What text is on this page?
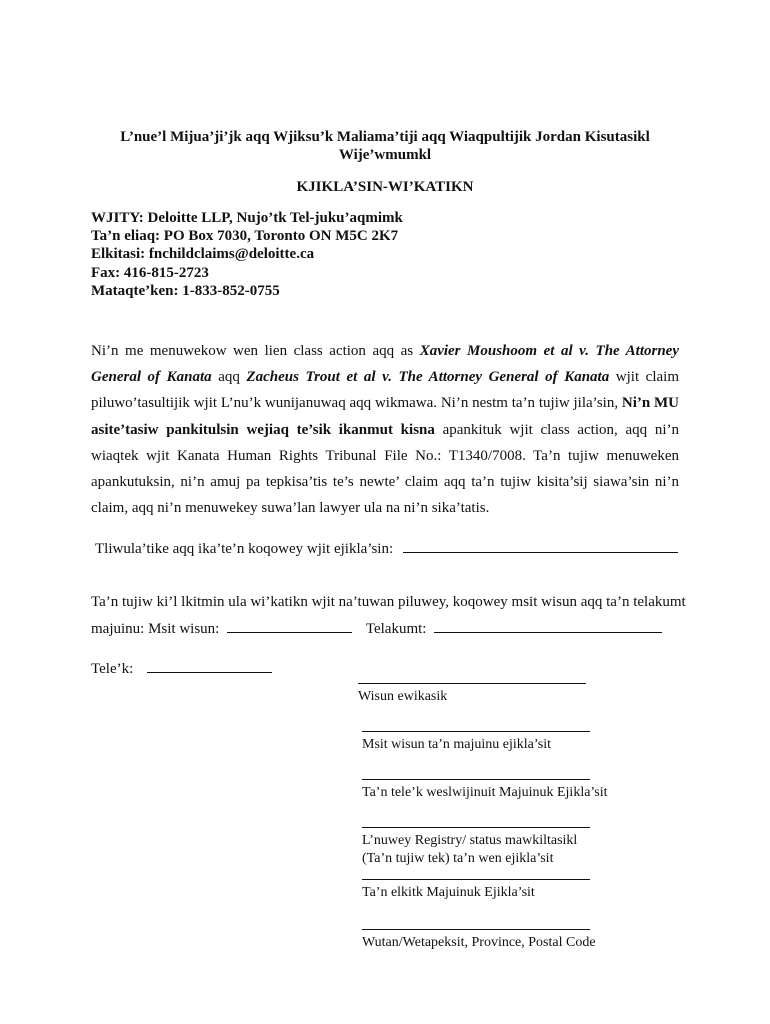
L’nue’l Mijua’ji’jk aqq Wjiksu’k Maliama’tiji aqq Wiaqpultijik Jordan Kisutasikl
Wije’wmumkl
KJIKLA’SIN-WI’KATIKN
WJITY: Deloitte LLP, Nujo’tk Tel-juku’aqmimk
Ta’n eliaq: PO Box 7030, Toronto ON M5C 2K7
Elkitasi: fnchildclaims@deloitte.ca
Fax: 416-815-2723
Mataqte’ken: 1-833-852-0755
Ni’n me menuwekow wen lien class action aqq as Xavier Moushoom et al v. The Attorney General of Kanata aqq Zacheus Trout et al v. The Attorney General of Kanata wjit claim piluwo’tasultijik wjit L’nu’k wunijanuwaq aqq wikmawa. Ni’n nestm ta’n tujiw jila’sin, Ni’n MU asite’tasiw pankitulsin wejiaq te’sik ikanmut kisna apankituk wjit class action, aqq ni’n wiaqtek wjit Kanata Human Rights Tribunal File No.: T1340/7008. Ta’n tujiw menuweken apankutuksin, ni’n amuj pa tepkisa’tis te’s newte’ claim aqq ta’n tujiw kisita’sij siawa’sin ni’n claim, aqq ni’n menuwekey suwa’lan lawyer ula na ni’n sika’tatis.
Tliwula’tike aqq ika’te’n koqowey wjit ejikla’sin:
Ta’n tujiw ki’l lkitmin ula wi’katikn wjit na’tuwan piluwey, koqowey msit wisun aqq ta’n telakumt
majuinu: Msit wisun:	Telakumt:
Tele’k:
Wisun ewikasik
Msit wisun ta’n majuinu ejikla’sit
Ta’n tele’k weslwijinuit Majuinuk Ejikla’sit
L’nuwey Registry/ status mawkiltasikl
(Ta’n tujiw tek) ta’n wen ejikla’sit
Ta’n elkitk Majuinuk Ejikla’sit
Wutan/Wetapeksit, Province, Postal Code
